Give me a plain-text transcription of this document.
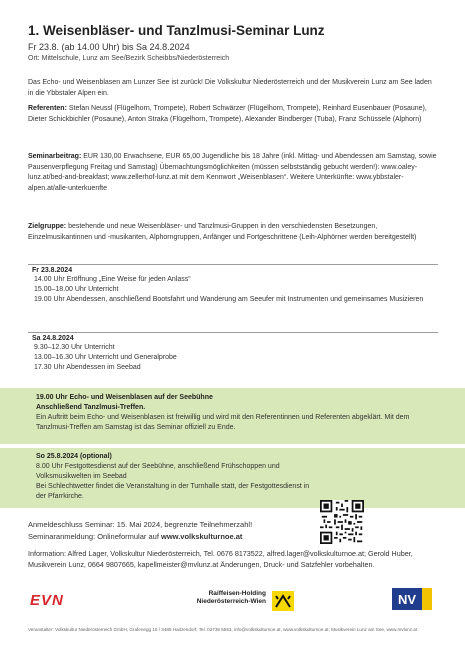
1. Weisenbläser- und Tanzlmusi-Seminar Lunz
Fr 23.8. (ab 14.00 Uhr) bis Sa 24.8.2024
Ort: Mittelschule, Lunz am See/Bezirk Scheibbs/Niederösterreich
Das Echo- und Weisenblasen am Lunzer See ist zurück! Die Volkskultur Niederösterreich und der Musikverein Lunz am See laden in die Ybbstaler Alpen ein.
Referenten: Stefan Neussl (Flügelhorn, Trompete), Robert Schwärzer (Flügelhorn, Trompete), Reinhard Eusenbauer (Posaune), Dieter Schickbichler (Posaune), Anton Straka (Flügelhorn, Trompete), Alexander Bindberger (Tuba), Franz Schüssele (Alphorn)
Seminarbeitrag: EUR 130,00 Erwachsene, EUR 65,00 Jugendliche bis 18 Jahre (inkl. Mittag- und Abendessen am Samstag, sowie Pausenverpflegung Freitag und Samstag) Übernachtungsmöglichkeiten (müssen selbstständig gebucht werden!): www.oaley-lunz.at/bed-and-breakfast; www.zellerhof-lunz.at mit dem Kennwort „Weisenblasen“. Weitere Unterkünfte: www.ybbstaler-alpen.at/alle-unterkuenfte
Zielgruppe: bestehende und neue Weisenbläser- und Tanzlmusi-Gruppen in den verschiedensten Besetzungen, Einzelmusikantinnen und -musikanten, Alphorngruppen, Anfänger und Fortgeschrittene (Leih-Alphörner werden bereitgestellt)
Fr 23.8.2024
14.00 Uhr Eröffnung „Eine Weise für jeden Anlass“
15.00–18.00 Uhr Unterricht
19.00 Uhr Abendessen, anschließend Bootsfahrt und Wanderung am Seeufer mit Instrumenten und gemeinsames Musizieren
Sa 24.8.2024
9.30–12.30 Uhr Unterricht
13.00–16.30 Uhr Unterricht und Generalprobe
17.30 Uhr Abendessen im Seebad
19.00 Uhr Echo- und Weisenblasen auf der Seebühne
Anschließend Tanzlmusi-Treffen.
Ein Auftritt beim Echo- und Weisenblasen ist freiwillig und wird mit den Referentinnen und Referenten abgeklärt. Mit dem Tanzlmusi-Treffen am Samstag ist das Seminar offiziell zu Ende.
So 25.8.2024 (optional)
8.00 Uhr Festgottesdienst auf der Seebühne, anschließend Frühschoppen und Volksmusikwelten im Seebad
Bei Schlechtwetter findet die Veranstaltung in der Turnhalle statt, der Festgottesdienst in der Pfarrkirche.
Anmeldeschluss Seminar: 15. Mai 2024, begrenzte Teilnehmerzahl!
Seminaranmeldung: Onlineformular auf www.volkskulturnoe.at
Information: Alfred Lager, Volkskultur Niederösterreich, Tel. 0676 8173522, alfred.lager@volkskulturnoe.at; Gerold Huber, Musikverein Lunz, 0664 9807665, kapellmeister@mvlunz.at Änderungen, Druck- und Satzfehler vorbehalten.
EVN	Raiffeisen-Holding Niederösterreich-Wien	NV
Veranstalter: Volkskultur Niederösterreich GmbH, Grafenegg 10 / 3485 Haitzendorf, Tel. 02735 5553, info@volkskulturnoe.at, www.volkskulturnoe.at; Musikverein Lunz am See, www.mvlunz.at
